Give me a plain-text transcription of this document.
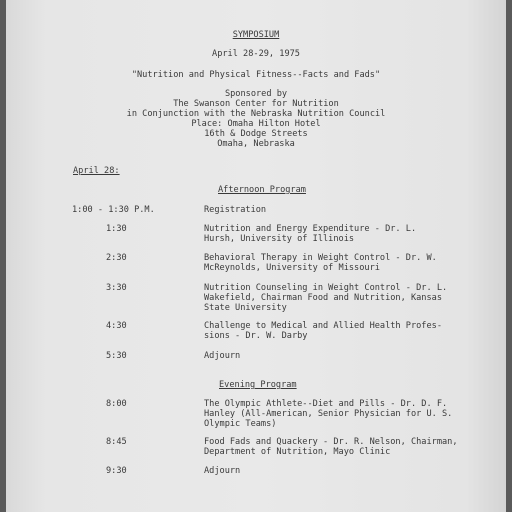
SYMPOSIUM
April 28-29, 1975
"Nutrition and Physical Fitness--Facts and Fads"
Sponsored by
The Swanson Center for Nutrition
in Conjunction with the Nebraska Nutrition Council
Place: Omaha Hilton Hotel
16th & Dodge Streets
Omaha, Nebraska
April 28:
Afternoon Program
1:00 - 1:30 P.M.	Registration
1:30	Nutrition and Energy Expenditure - Dr. L.
Hursh, University of Illinois
2:30	Behavioral Therapy in Weight Control - Dr. W.
McReynolds, University of Missouri
3:30	Nutrition Counseling in Weight Control - Dr. L.
Wakefield, Chairman Food and Nutrition, Kansas
State University
4:30	Challenge to Medical and Allied Health Profes-
sions - Dr. W. Darby
5:30	Adjourn
Evening Program
8:00	The Olympic Athlete--Diet and Pills - Dr. D. F.
Hanley (All-American, Senior Physician for U. S.
Olympic Teams)
8:45	Food Fads and Quackery - Dr. R. Nelson, Chairman,
Department of Nutrition, Mayo Clinic
9:30	Adjourn
